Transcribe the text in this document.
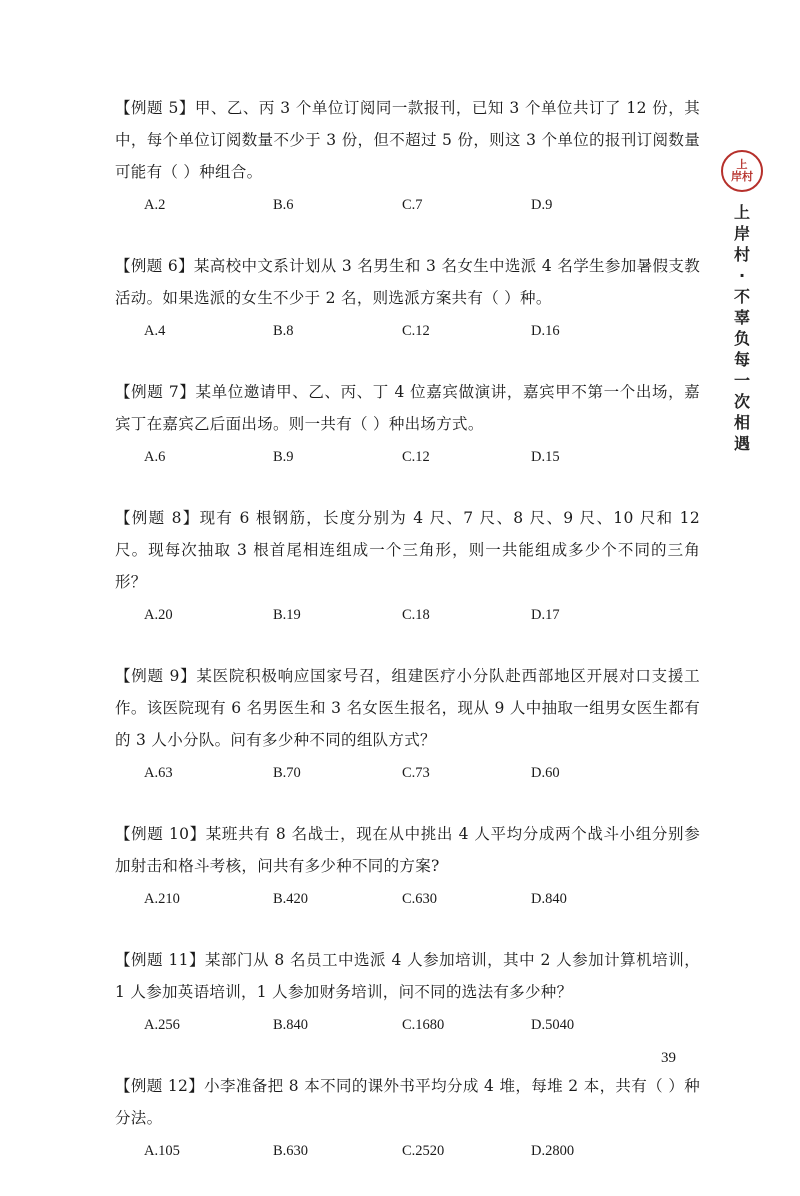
【例题 5】甲、乙、丙 3 个单位订阅同一款报刊，已知 3 个单位共订了 12 份，其中，每个单位订阅数量不少于 3 份，但不超过 5 份，则这 3 个单位的报刊订阅数量可能有（ ）种组合。

A.2	B.6	C.7	D.9

【例题 6】某高校中文系计划从 3 名男生和 3 名女生中选派 4 名学生参加暑假支教活动。如果选派的女生不少于 2 名，则选派方案共有（ ）种。

A.4	B.8	C.12	D.16

【例题 7】某单位邀请甲、乙、丙、丁 4 位嘉宾做演讲，嘉宾甲不第一个出场，嘉宾丁在嘉宾乙后面出场。则一共有（ ）种出场方式。

A.6	B.9	C.12	D.15

【例题 8】现有 6 根钢筋，长度分别为 4 尺、7 尺、8 尺、9 尺、10 尺和 12 尺。现每次抽取 3 根首尾相连组成一个三角形，则一共能组成多少个不同的三角形？

A.20	B.19	C.18	D.17

【例题 9】某医院积极响应国家号召，组建医疗小分队赴西部地区开展对口支援工作。该医院现有 6 名男医生和 3 名女医生报名，现从 9 人中抽取一组男女医生都有的 3 人小分队。问有多少种不同的组队方式？

A.63	B.70	C.73	D.60

【例题 10】某班共有 8 名战士，现在从中挑出 4 人平均分成两个战斗小组分别参加射击和格斗考核，问共有多少种不同的方案?

A.210	B.420	C.630	D.840

【例题 11】某部门从 8 名员工中选派 4 人参加培训，其中 2 人参加计算机培训，1 人参加英语培训，1 人参加财务培训，问不同的选法有多少种？

A.256	B.840	C.1680	D.5040

【例题 12】小李准备把 8 本不同的课外书平均分成 4 堆，每堆 2 本，共有（ ）种分法。

A.105	B.630	C.2520	D.2800
上
岸村
上
岸
村
·
不
辜
负
每
一
次
相
遇
39
